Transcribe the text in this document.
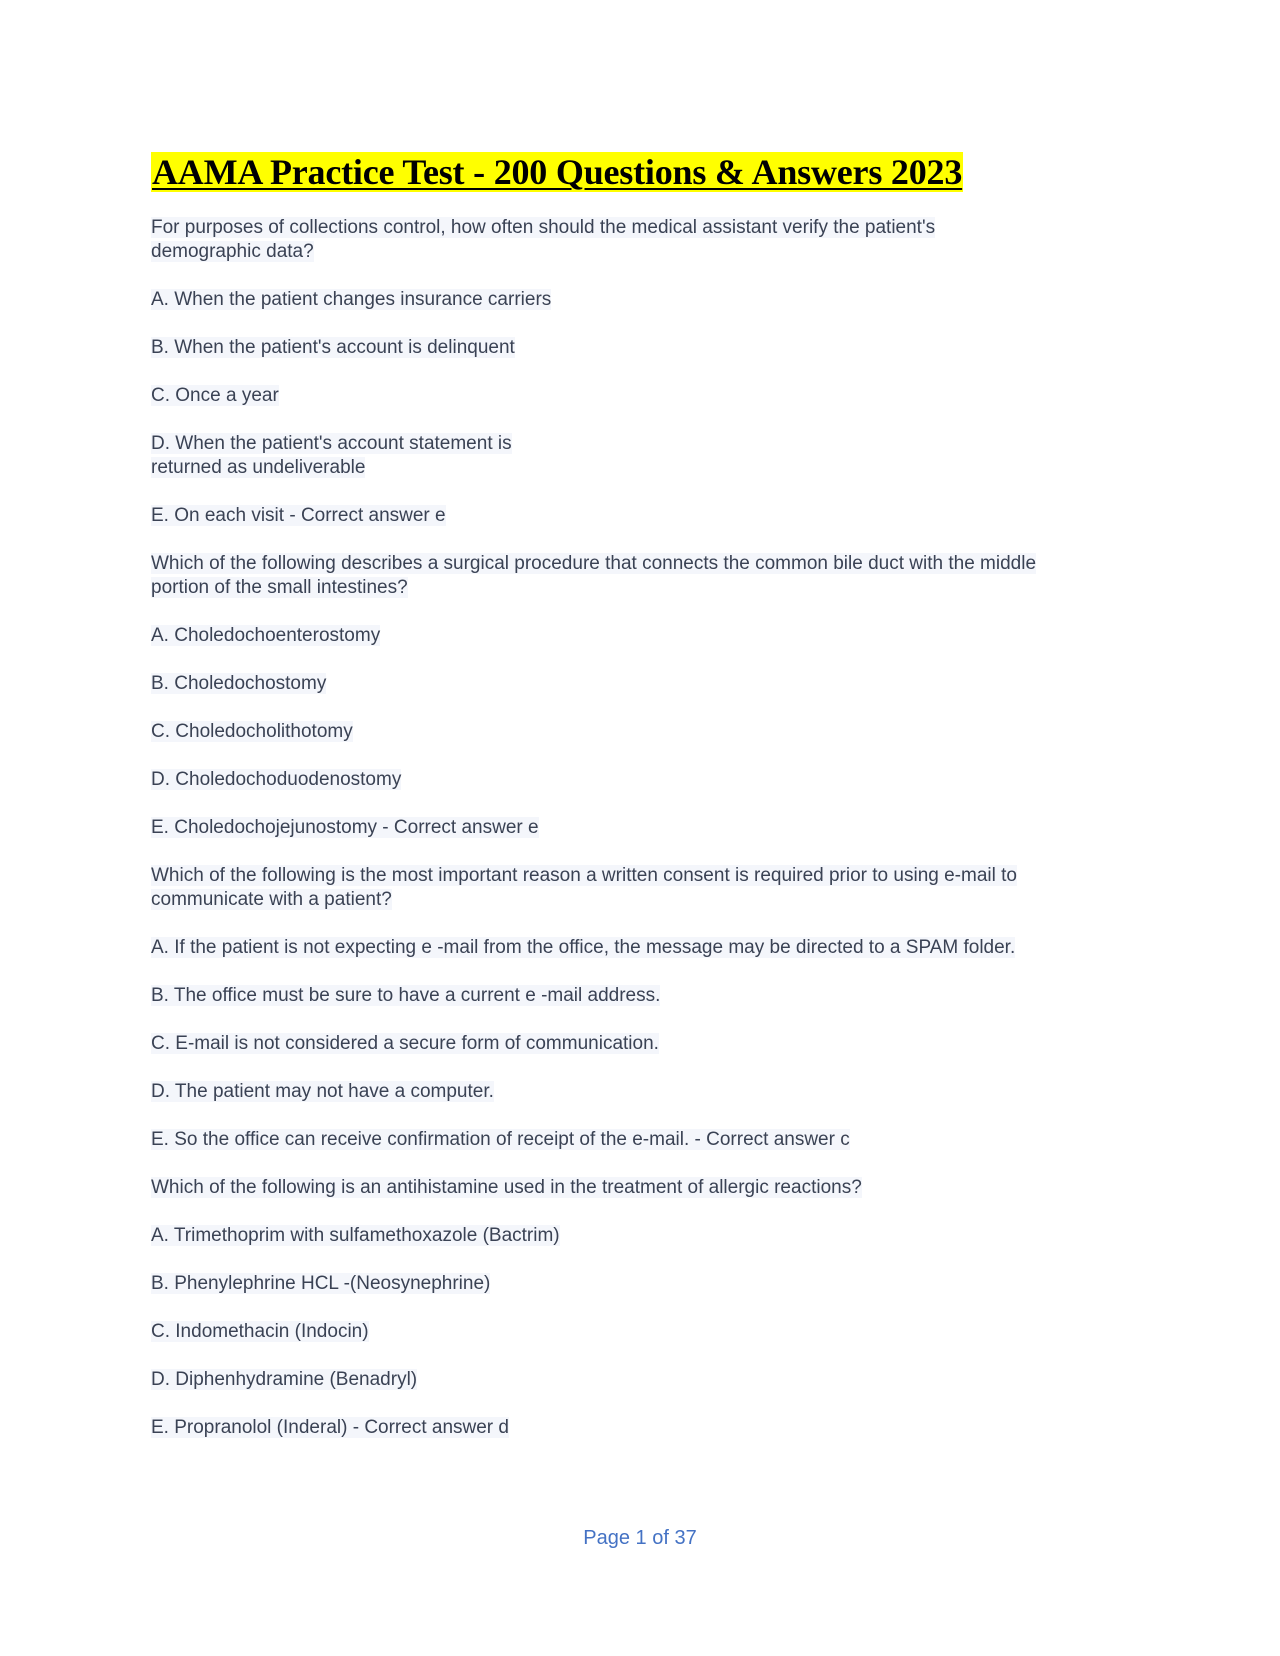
AAMA Practice Test - 200 Questions & Answers 2023

For purposes of collections control, how often should the medical assistant verify the patient's
demographic data?

A. When the patient changes insurance carriers

B. When the patient's account is delinquent

C. Once a year

D. When the patient's account statement is
returned as undeliverable

E. On each visit - Correct answer e

Which of the following describes a surgical procedure that connects the common bile duct with the middle
portion of the small intestines?

A. Choledochoenterostomy

B. Choledochostomy

C. Choledocholithotomy

D. Choledochoduodenostomy

E. Choledochojejunostomy - Correct answer e

Which of the following is the most important reason a written consent is required prior to using e-mail to
communicate with a patient?

A. If the patient is not expecting e -mail from the office, the message may be directed to a SPAM folder.

B. The office must be sure to have a current e -mail address.

C. E-mail is not considered a secure form of communication.

D. The patient may not have a computer.

E. So the office can receive confirmation of receipt of the e-mail. - Correct answer c

Which of the following is an antihistamine used in the treatment of allergic reactions?

A. Trimethoprim with sulfamethoxazole (Bactrim)

B. Phenylephrine HCL -(Neosynephrine)

C. Indomethacin (Indocin)

D. Diphenhydramine (Benadryl)

E. Propranolol (Inderal) - Correct answer d

Page 1 of 37
